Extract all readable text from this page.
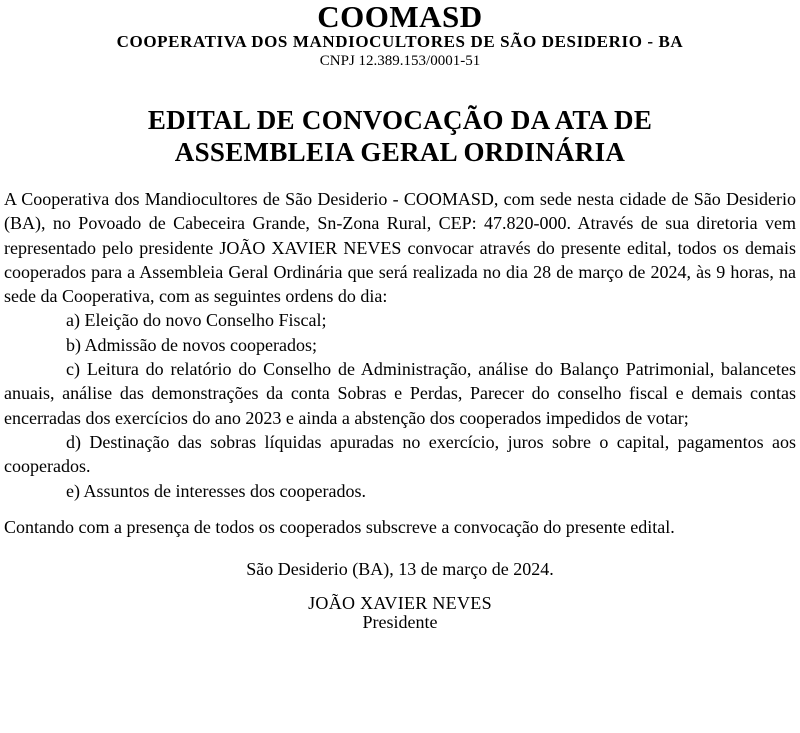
COOMASD
COOPERATIVA DOS MANDIOCULTORES DE SÃO DESIDERIO - BA
CNPJ 12.389.153/0001-51
EDITAL DE CONVOCAÇÃO DA ATA DE
ASSEMBLEIA GERAL ORDINÁRIA

A Cooperativa dos Mandiocultores de São Desiderio - COOMASD, com sede nesta cidade de São Desiderio (BA), no Povoado de Cabeceira Grande, Sn-Zona Rural, CEP: 47.820-000. Através de sua diretoria vem representado pelo presidente JOÃO XAVIER NEVES convocar através do presente edital, todos os demais cooperados para a Assembleia Geral Ordinária que será realizada no dia 28 de março de 2024, às 9 horas, na sede da Cooperativa, com as seguintes ordens do dia:

a) Eleição do novo Conselho Fiscal;

b) Admissão de novos cooperados;

c) Leitura do relatório do Conselho de Administração, análise do Balanço Patrimonial, balancetes anuais, análise das demonstrações da conta Sobras e Perdas, Parecer do conselho fiscal e demais contas encerradas dos exercícios do ano 2023 e ainda a abstenção dos cooperados impedidos de votar;

d) Destinação das sobras líquidas apuradas no exercício, juros sobre o capital, pagamentos aos cooperados.

e) Assuntos de interesses dos cooperados.

Contando com a presença de todos os cooperados subscreve a convocação do presente edital.

São Desiderio (BA), 13 de março de 2024.
JOÃO XAVIER NEVES
Presidente
